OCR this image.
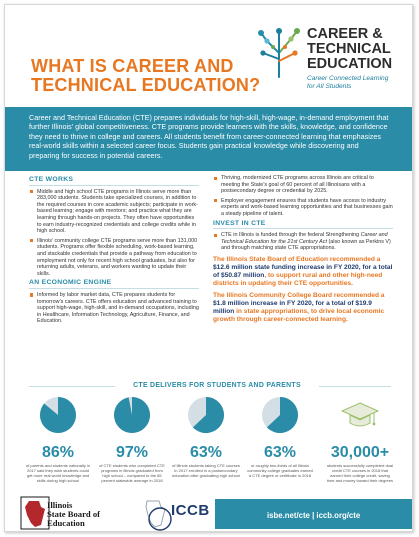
WHAT IS CAREER AND
TECHNICAL EDUCATION?
CAREER &
TECHNICAL
EDUCATION
Career Connected Learning
for All Students

Career and Technical Education (CTE) prepares individuals for high-skill, high-wage, in-demand employment that further Illinois’ global competitiveness. CTE programs provide learners with the skills, knowledge, and confidence they need to thrive in college and careers. All students benefit from career-connected learning that emphasizes real-world skills within a selected career focus. Students gain practical knowledge while discovering and preparing for success in potential careers.

CTE WORKS
Middle and high school CTE programs in Illinois serve more than 283,000 students. Students take specialized courses, in addition to the required courses in core academic subjects; participate in work-based learning; engage with mentors; and practice what they are learning through hands-on projects. They often have opportunities to earn industry-recognized credentials and college credits while in high school.
Illinois’ community college CTE programs serve more than 131,000 students. Programs offer flexible scheduling, work-based learning, and stackable credentials that provide a pathway from education to employment not only for recent high school graduates, but also for returning adults, veterans, and workers wanting to update their skills.
AN ECONOMIC ENGINE
Informed by labor market data, CTE prepares students for tomorrow’s careers. CTE offers education and advanced training to support high-wage, high-skill, and in-demand occupations, including in Healthcare, Information Technology, Agriculture, Finance, and Education.
Thriving, modernized CTE programs across Illinois are critical to meeting the State’s goal of 60 percent of all Illinoisans with a postsecondary degree or credential by 2025.
Employer engagement ensures that students have access to industry experts and work-based learning opportunities and that businesses gain a steady pipeline of talent.
INVEST IN CTE
CTE in Illinois is funded through the federal Strengthening Career and Technical Education for the 21st Century Act (also known as Perkins V) and through matching state CTE appropriations.

The Illinois State Board of Education recommended a $12.6 million state funding increase in FY 2020, for a total of $50.87 million, to support rural and other high-need districts in updating their CTE opportunities.

The Illinois Community College Board recommended a $1.8 million increase in FY 2020, for a total of $19.9 million in state appropriations, to drive local economic growth through career-connected learning.

CTE DELIVERS FOR STUDENTS AND PARENTS
86%
of parents and students nationally in 2017 said they wish students could get more real world knowledge and skills during high school
97%
of CTE students who completed CTE programs in Illinois graduated from high school – compared to the 85 percent statewide average in 2018
63%
of Illinois students taking CTE courses in 2017 enrolled in a postsecondary education after graduating high school
63%
or roughly two-thirds of all Illinois community college graduates earned a CTE degree or certificate in 2018
30,000+
students successfully completed dual credit CTE courses in 2018 that earned their college credit, saving time and money toward their degrees
Illinois
State Board of
Education
ICCB	isbe.net/cte | iccb.org/cte
